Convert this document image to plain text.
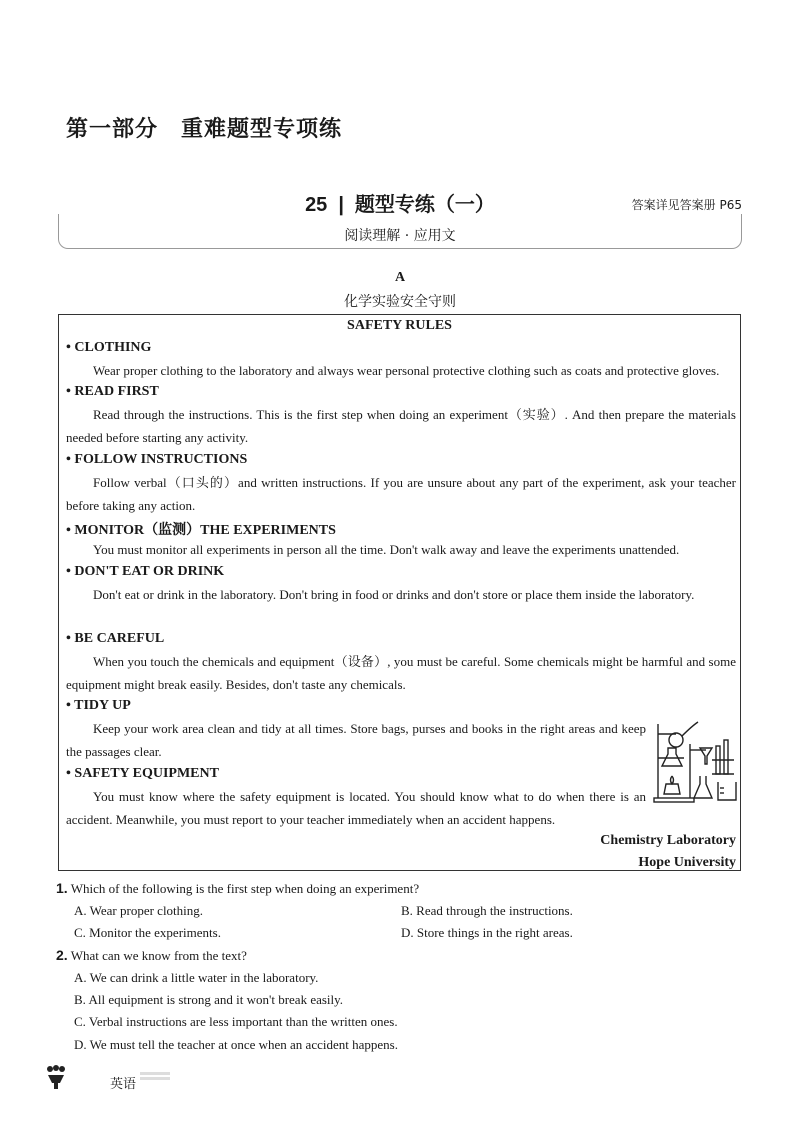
第一部分　重难题型专项练
25 | 题型专练（一）	答案详见答案册 P65
阅读理解 · 应用文
A
化学实验安全守则
SAFETY RULES
• CLOTHING
Wear proper clothing to the laboratory and always wear personal protective clothing such as coats and protective gloves.
• READ FIRST
Read through the instructions. This is the first step when doing an experiment（实验）. And then prepare the materials needed before starting any activity.
• FOLLOW INSTRUCTIONS
Follow verbal（口头的）and written instructions. If you are unsure about any part of the experiment, ask your teacher before taking any action.
• MONITOR（监测）THE EXPERIMENTS
You must monitor all experiments in person all the time. Don't walk away and leave the experiments unattended.
• DON'T EAT OR DRINK
Don't eat or drink in the laboratory. Don't bring in food or drinks and don't store or place them inside the laboratory.
• BE CAREFUL
When you touch the chemicals and equipment（设备）, you must be careful. Some chemicals might be harmful and some equipment might break easily. Besides, don't taste any chemicals.
• TIDY UP
Keep your work area clean and tidy at all times. Store bags, purses and books in the right areas and keep the passages clear.
• SAFETY EQUIPMENT
You must know where the safety equipment is located. You should know what to do when there is an accident. Meanwhile, you must report to your teacher immediately when an accident happens.
Chemistry Laboratory
Hope University
1. Which of the following is the first step when doing an experiment?
A. Wear proper clothing.	B. Read through the instructions.
C. Monitor the experiments.	D. Store things in the right areas.
2. What can we know from the text?
A. We can drink a little water in the laboratory.
B. All equipment is strong and it won't break easily.
C. Verbal instructions are less important than the written ones.
D. We must tell the teacher at once when an accident happens.
英语
